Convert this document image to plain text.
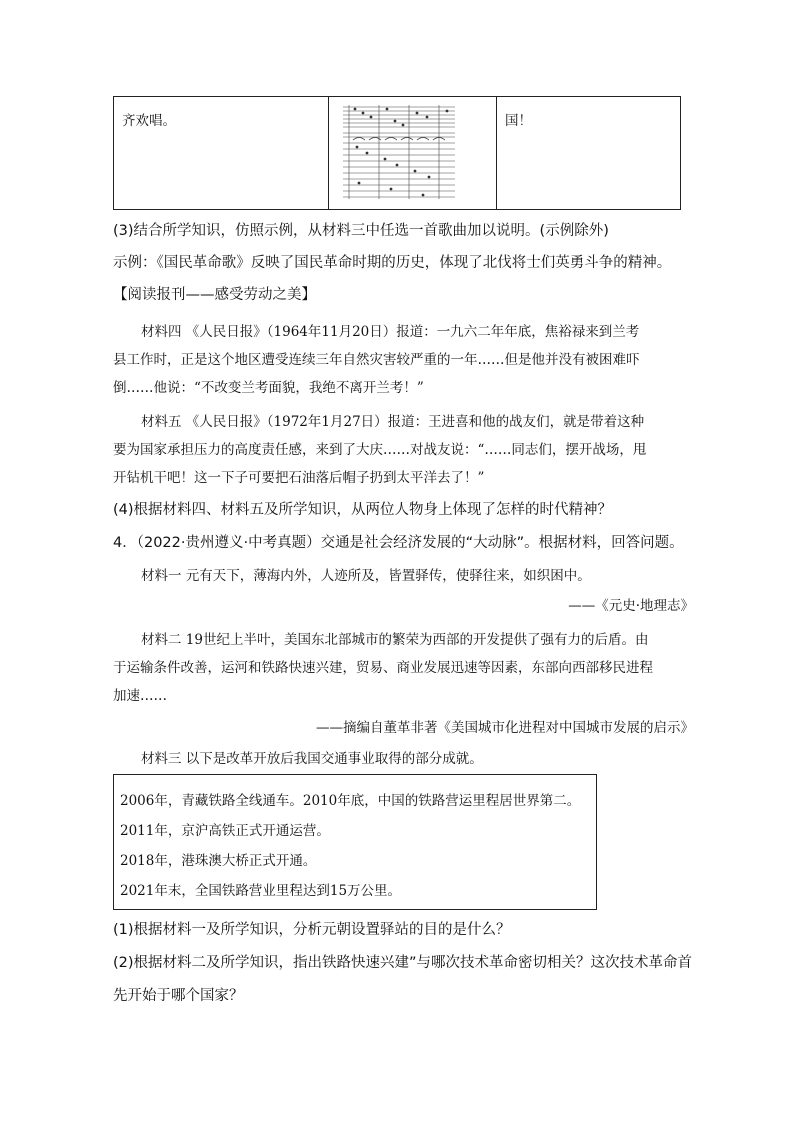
齐欢唱。	国！
(3)结合所学知识，仿照示例，从材料三中任选一首歌曲加以说明。(示例除外)
示例：《国民革命歌》反映了国民革命时期的历史，体现了北伐将士们英勇斗争的精神。
【阅读报刊——感受劳动之美】
材料四 《人民日报》（1964年11月20日）报道：一九六二年年底，焦裕禄来到兰考
县工作时，正是这个地区遭受连续三年自然灾害较严重的一年……但是他并没有被困难吓
倒……他说：“不改变兰考面貌，我绝不离开兰考！”
材料五 《人民日报》（1972年1月27日）报道：王进喜和他的战友们，就是带着这种
要为国家承担压力的高度责任感，来到了大庆……对战友说：“……同志们，摆开战场，甩
开钻机干吧！这一下子可要把石油落后帽子扔到太平洋去了！”
(4)根据材料四、材料五及所学知识，从两位人物身上体现了怎样的时代精神？
4．（2022·贵州遵义·中考真题）交通是社会经济发展的“大动脉”。根据材料，回答问题。
材料一 元有天下，薄海内外，人迹所及，皆置驿传，使驿往来，如织困中。
——《元史·地理志》
材料二 19世纪上半叶，美国东北部城市的繁荣为西部的开发提供了强有力的后盾。由
于运输条件改善，运河和铁路快速兴建，贸易、商业发展迅速等因素，东部向西部移民进程
加速……
——摘编自董革非著《美国城市化进程对中国城市发展的启示》
材料三 以下是改革开放后我国交通事业取得的部分成就。
2006年，青藏铁路全线通车。2010年底，中国的铁路营运里程居世界第二。
2011年，京沪高铁正式开通运营。
2018年，港珠澳大桥正式开通。
2021年末，全国铁路营业里程达到15万公里。
(1)根据材料一及所学知识，分析元朝设置驿站的目的是什么？
(2)根据材料二及所学知识，指出铁路快速兴建”与哪次技术革命密切相关？这次技术革命首
先开始于哪个国家？
